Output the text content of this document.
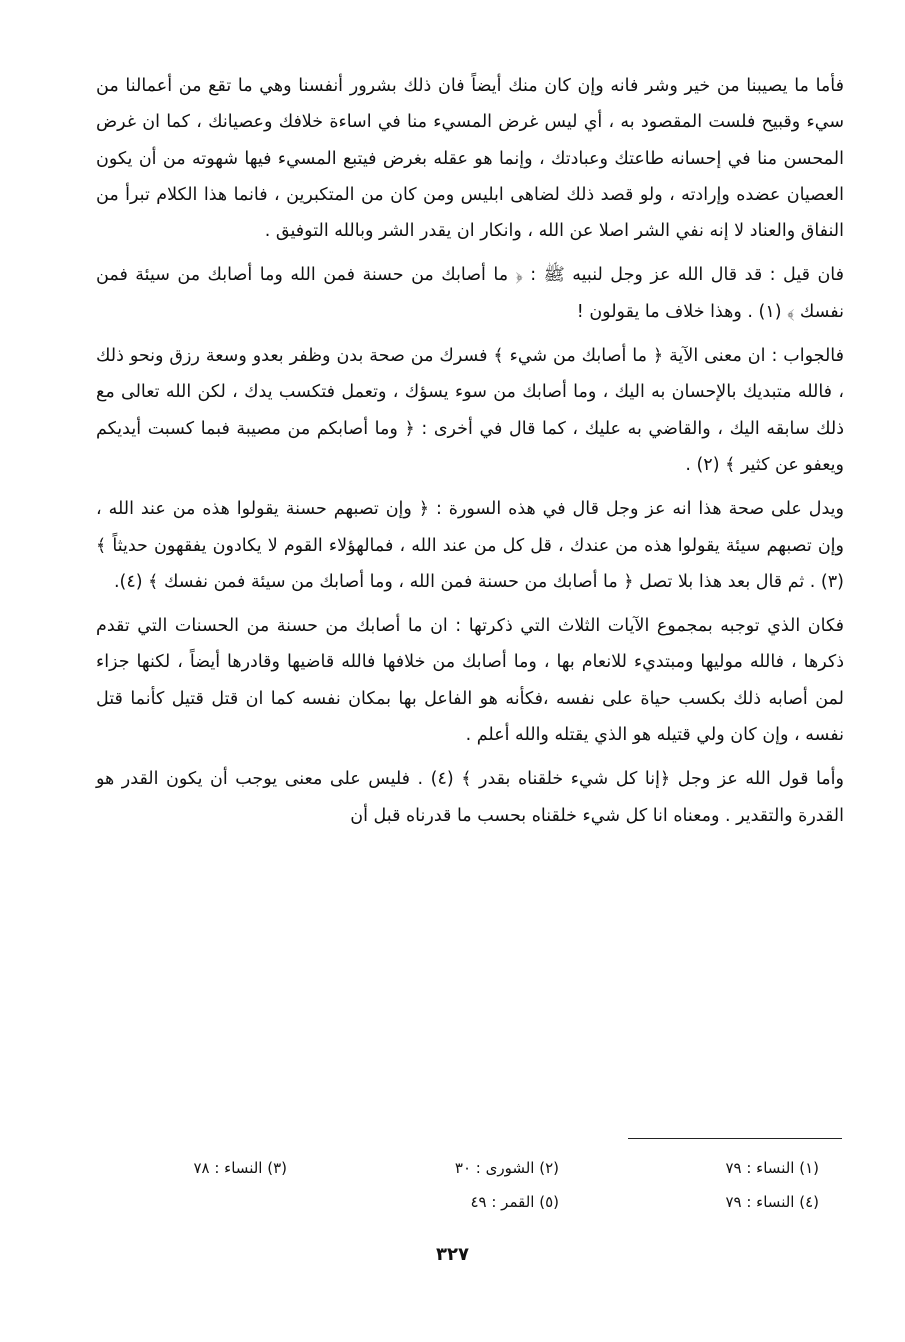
فأما ما يصيبنا من خير وشر فانه وإن كان منك أيضاً فان ذلك بشرور أنفسنا وهي ما تقع من أعمالنا من سيء وقبيح فلست المقصود به ، أي ليس غرض المسيء منا في اساءة خلافك وعصيانك ، كما ان غرض المحسن منا في إحسانه طاعتك وعبادتك ، وإنما هو عقله بغرض فيتبع المسيء فيها شهوته من أن يكون العصيان عضده وإرادته ، ولو قصد ذلك لضاهى ابليس ومن كان من المتكبرين ، فانما هذا الكلام تبرأ من النفاق والعناد لا إنه نفي الشر اصلا عن الله ، وانكار ان يقدر الشر وبالله التوفيق .

فان قيل : قد قال الله عز وجل لنبيه ﷺ : ﴿ ما أصابك من حسنة فمن الله وما أصابك من سيئة فمن نفسك ﴾ (١) . وهذا خلاف ما يقولون !

فالجواب : ان معنى الآية ﴿ ما أصابك من شيء ﴾ فسرك من صحة بدن وظفر بعدو وسعة رزق ونحو ذلك ، فالله متبديك بالإحسان به اليك ، وما أصابك من سوء يسؤك ، وتعمل فتكسب يدك ، لكن الله تعالى مع ذلك سابقه اليك ، والقاضي به عليك ، كما قال في أخرى : ﴿ وما أصابكم من مصيبة فبما كسبت أيديكم ويعفو عن كثير ﴾ (٢) .

ويدل على صحة هذا انه عز وجل قال في هذه السورة : ﴿ وإن تصبهم حسنة يقولوا هذه من عند الله ، وإن تصبهم سيئة يقولوا هذه من عندك ، قل كل من عند الله ، فمالهؤلاء القوم لا يكادون يفقهون حديثاً ﴾(٣) . ثم قال بعد هذا بلا تصل ﴿ ما أصابك من حسنة فمن الله ، وما أصابك من سيئة فمن نفسك ﴾ (٤).

فكان الذي توجبه بمجموع الآيات الثلاث التي ذكرتها : ان ما أصابك من حسنة من الحسنات التي تقدم ذكرها ، فالله موليها ومبتديء للانعام بها ، وما أصابك من خلافها فالله قاضيها وقادرها أيضاً ، لكنها جزاء لمن أصابه ذلك بكسب حياة على نفسه ،فكأنه هو الفاعل بها بمكان نفسه كما ان قتل قتيل كأنما قتل نفسه ، وإن كان ولي قتيله هو الذي يقتله والله أعلم .

وأما قول الله عز وجل ﴿إنا كل شيء خلقناه بقدر ﴾ (٤) . فليس على معنى يوجب أن يكون القدر هو القدرة والتقدير . ومعناه انا كل شيء خلقناه بحسب ما قدرناه قبل أن

(١) النساء : ٧٩
(٢) الشورى : ٣٠
(٣) النساء : ٧٨
(٤) النساء : ٧٩
(٥) القمر : ٤٩
٣٢٧
